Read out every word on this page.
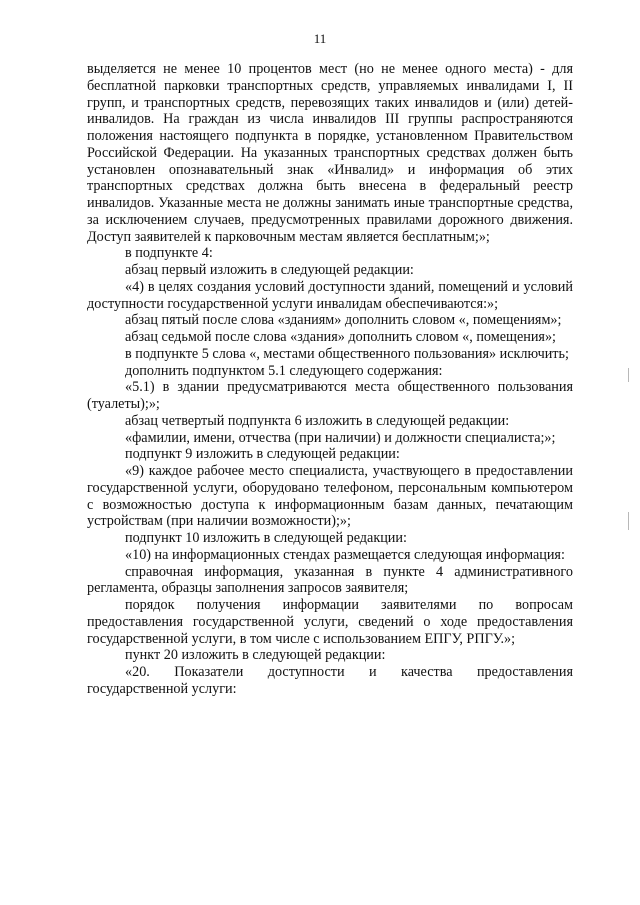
11

выделяется не менее 10 процентов мест (но не менее одного места) - для бесплатной парковки транспортных средств, управляемых инвалидами I, II групп, и транспортных средств, перевозящих таких инвалидов и (или) детей-инвалидов. На граждан из числа инвалидов III группы распространяются положения настоящего подпункта в порядке, установленном Правительством Российской Федерации. На указанных транспортных средствах должен быть установлен опознавательный знак «Инвалид» и информация об этих транспортных средствах должна быть внесена в федеральный реестр инвалидов. Указанные места не должны занимать иные транспортные средства, за исключением случаев, предусмотренных правилами дорожного движения. Доступ заявителей к парковочным местам является бесплатным;»;

в подпункте 4:

абзац первый изложить в следующей редакции:

«4) в целях создания условий доступности зданий, помещений и условий доступности государственной услуги инвалидам обеспечиваются:»;

абзац пятый после слова «зданиям» дополнить словом «, помещениям»;

абзац седьмой после слова «здания» дополнить словом «, помещения»;

в подпункте 5 слова «, местами общественного пользования» исключить;

дополнить подпунктом 5.1 следующего содержания:

«5.1) в здании предусматриваются места общественного пользования (туалеты);»;

абзац четвертый подпункта 6 изложить в следующей редакции:

«фамилии, имени, отчества (при наличии) и должности специалиста;»;

подпункт 9 изложить в следующей редакции:

«9) каждое рабочее место специалиста, участвующего в предоставлении государственной услуги, оборудовано телефоном, персональным компьютером с возможностью доступа к информационным базам данных, печатающим устройствам (при наличии возможности);»;

подпункт 10 изложить в следующей редакции:

«10) на информационных стендах размещается следующая информация:

справочная информация, указанная в пункте 4 административного регламента, образцы заполнения запросов заявителя;

порядок получения информации заявителями по вопросам предоставления государственной услуги, сведений о ходе предоставления государственной услуги, в том числе с использованием ЕПГУ, РПГУ.»;

пункт 20 изложить в следующей редакции:

«20. Показатели доступности и качества предоставления государственной услуги:
